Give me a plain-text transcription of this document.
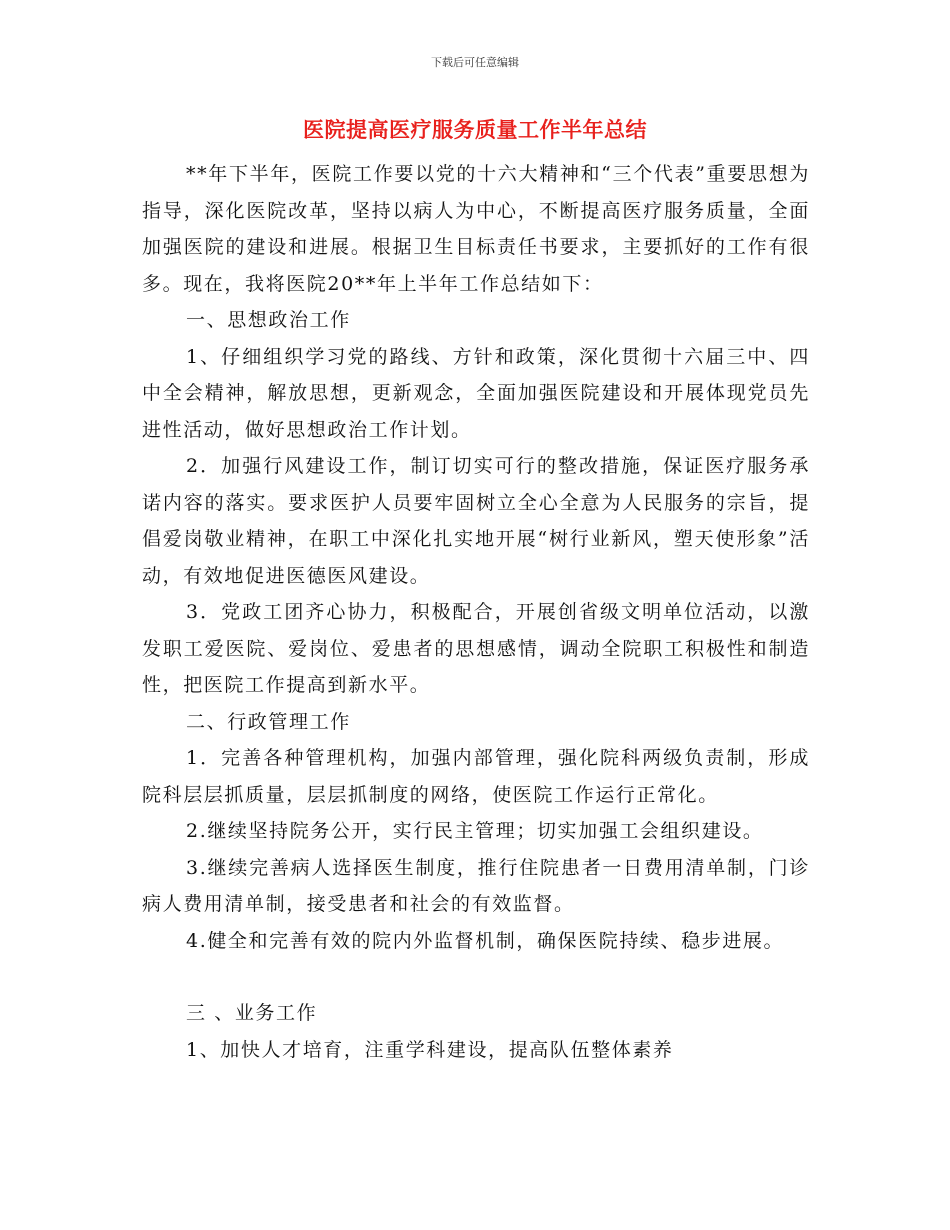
下载后可任意编辑
医院提高医疗服务质量工作半年总结

**年下半年，医院工作要以党的十六大精神和“三个代表”重要思想为指导，深化医院改革，坚持以病人为中心，不断提高医疗服务质量，全面加强医院的建设和进展。根据卫生目标责任书要求，主要抓好的工作有很多。现在，我将医院20**年上半年工作总结如下：

一、思想政治工作

1、仔细组织学习党的路线、方针和政策，深化贯彻十六届三中、四中全会精神，解放思想，更新观念，全面加强医院建设和开展体现党员先进性活动，做好思想政治工作计划。

2．加强行风建设工作，制订切实可行的整改措施，保证医疗服务承诺内容的落实。要求医护人员要牢固树立全心全意为人民服务的宗旨，提倡爱岗敬业精神，在职工中深化扎实地开展“树行业新风，塑天使形象”活动，有效地促进医德医风建设。

3．党政工团齐心协力，积极配合，开展创省级文明单位活动，以激发职工爱医院、爱岗位、爱患者的思想感情，调动全院职工积极性和制造性，把医院工作提高到新水平。

二、行政管理工作

1．完善各种管理机构，加强内部管理，强化院科两级负责制，形成院科层层抓质量，层层抓制度的网络，使医院工作运行正常化。

2.继续坚持院务公开，实行民主管理；切实加强工会组织建设。

3.继续完善病人选择医生制度，推行住院患者一日费用清单制，门诊病人费用清单制，接受患者和社会的有效监督。

4.健全和完善有效的院内外监督机制，确保医院持续、稳步进展。

三 、业务工作

1、加快人才培育，注重学科建设，提高队伍整体素养
